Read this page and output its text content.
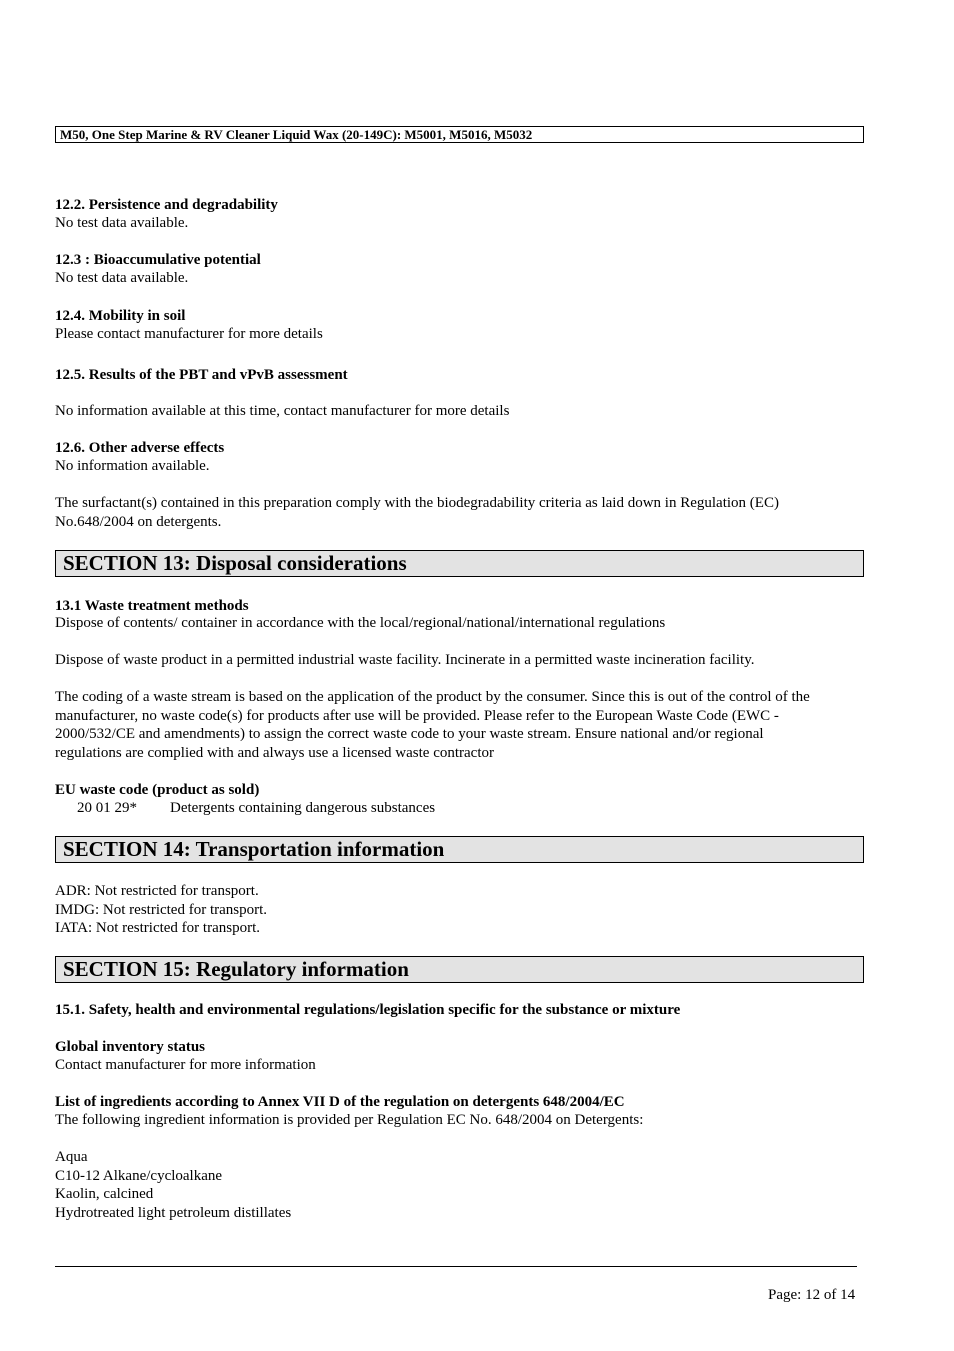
M50, One Step Marine & RV Cleaner Liquid Wax (20-149C): M5001, M5016, M5032
12.2. Persistence and degradability
No test data available.
12.3 : Bioaccumulative potential
No test data available.
12.4. Mobility in soil
Please contact manufacturer for more details
12.5. Results of the PBT and vPvB assessment
No information available at this time, contact manufacturer for more details
12.6. Other adverse effects
No information available.

The surfactant(s) contained in this preparation comply with the biodegradability criteria as laid down in Regulation (EC)

No.648/2004 on detergents.

SECTION 13: Disposal considerations
13.1 Waste treatment methods
Dispose of contents/ container in accordance with the local/regional/national/international regulations
Dispose of waste product in a permitted industrial waste facility. Incinerate in a permitted waste incineration facility.

The coding of a waste stream is based on the application of the product by the consumer. Since this is out of the control of the

manufacturer, no waste code(s) for products after use will be provided. Please refer to the European Waste Code (EWC -

2000/532/CE and amendments) to assign the correct waste code to your waste stream. Ensure national and/or regional

regulations are complied with and always use a licensed waste contractor

EU waste code (product as sold)
20 01 29* Detergents containing dangerous substances
SECTION 14: Transportation information
ADR: Not restricted for transport.
IMDG: Not restricted for transport.
IATA: Not restricted for transport.
SECTION 15: Regulatory information
15.1. Safety, health and environmental regulations/legislation specific for the substance or mixture
Global inventory status
Contact manufacturer for more information
List of ingredients according to Annex VII D of the regulation on detergents 648/2004/EC
The following ingredient information is provided per Regulation EC No. 648/2004 on Detergents:

Aqua

C10-12 Alkane/cycloalkane

Kaolin, calcined

Hydrotreated light petroleum distillates

Page: 12 of 14
